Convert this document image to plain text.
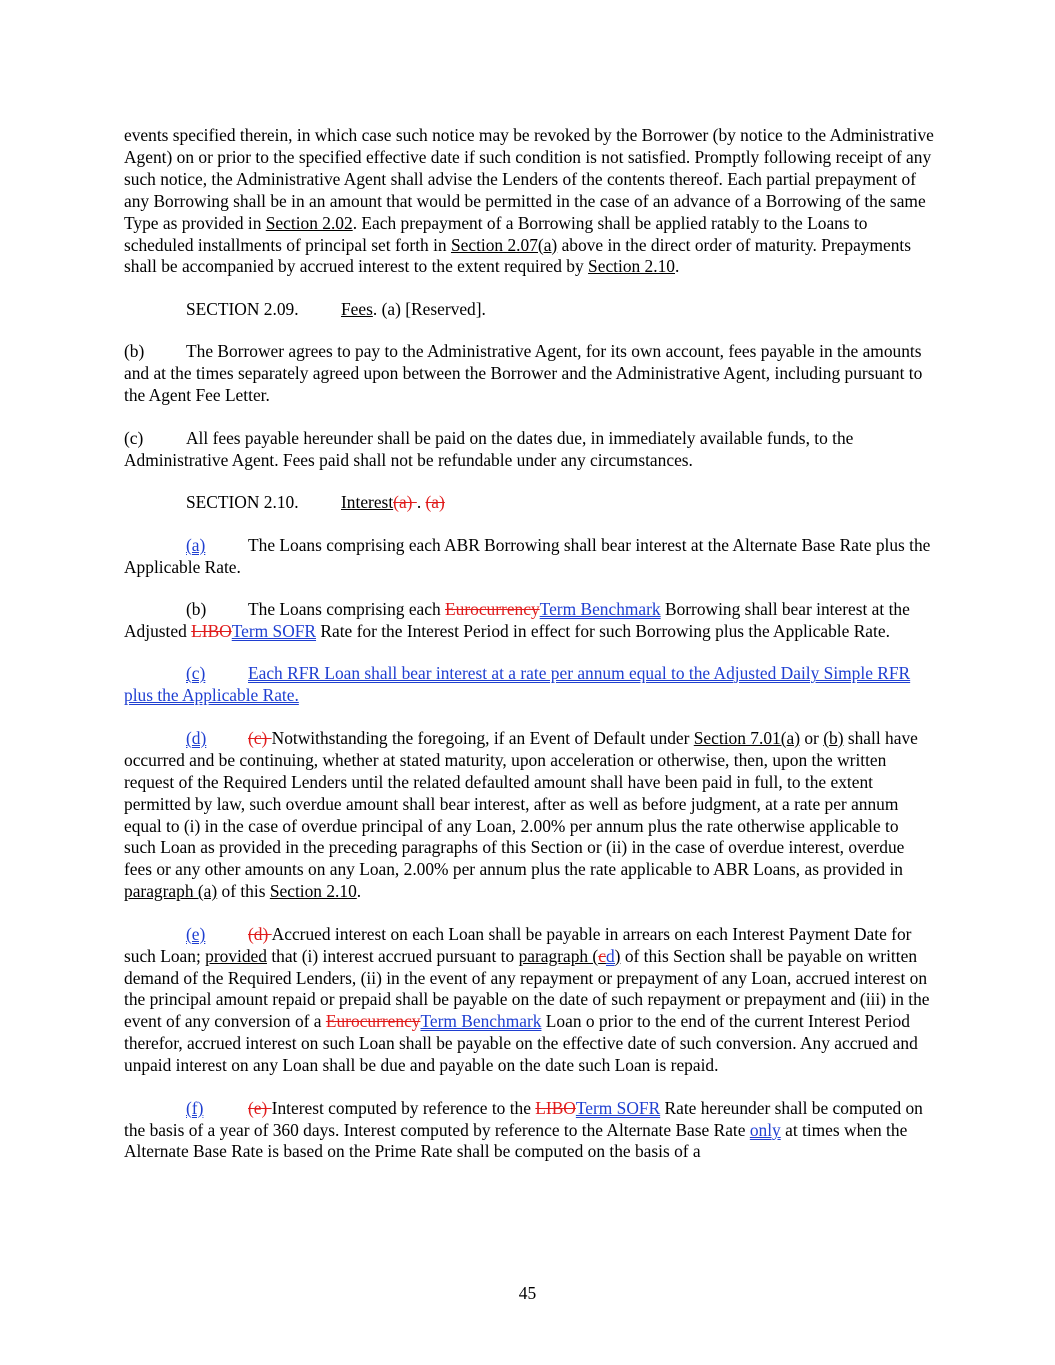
events specified therein, in which case such notice may be revoked by the Borrower (by notice to the Administrative Agent) on or prior to the specified effective date if such condition is not satisfied. Promptly following receipt of any such notice, the Administrative Agent shall advise the Lenders of the contents thereof. Each partial prepayment of any Borrowing shall be in an amount that would be permitted in the case of an advance of a Borrowing of the same Type as provided in Section 2.02. Each prepayment of a Borrowing shall be applied ratably to the Loans to scheduled installments of principal set forth in Section 2.07(a) above in the direct order of maturity. Prepayments shall be accompanied by accrued interest to the extent required by Section 2.10.

SECTION 2.09. Fees. (a) [Reserved].

(b) The Borrower agrees to pay to the Administrative Agent, for its own account, fees payable in the amounts and at the times separately agreed upon between the Borrower and the Administrative Agent, including pursuant to the Agent Fee Letter.

(c) All fees payable hereunder shall be paid on the dates due, in immediately available funds, to the Administrative Agent. Fees paid shall not be refundable under any circumstances.

SECTION 2.10. Interest(a) . (a)

(a) The Loans comprising each ABR Borrowing shall bear interest at the Alternate Base Rate plus the Applicable Rate.

(b) The Loans comprising each EurocurrencyTerm Benchmark Borrowing shall bear interest at the Adjusted LIBOTerm SOFR Rate for the Interest Period in effect for such Borrowing plus the Applicable Rate.

(c) Each RFR Loan shall bear interest at a rate per annum equal to the Adjusted Daily Simple RFR plus the Applicable Rate.

(d) (c) Notwithstanding the foregoing, if an Event of Default under Section 7.01(a) or (b) shall have occurred and be continuing, whether at stated maturity, upon acceleration or otherwise, then, upon the written request of the Required Lenders until the related defaulted amount shall have been paid in full, to the extent permitted by law, such overdue amount shall bear interest, after as well as before judgment, at a rate per annum equal to (i) in the case of overdue principal of any Loan, 2.00% per annum plus the rate otherwise applicable to such Loan as provided in the preceding paragraphs of this Section or (ii) in the case of overdue interest, overdue fees or any other amounts on any Loan, 2.00% per annum plus the rate applicable to ABR Loans, as provided in paragraph (a) of this Section 2.10.

(e) (d) Accrued interest on each Loan shall be payable in arrears on each Interest Payment Date for such Loan; provided that (i) interest accrued pursuant to paragraph (cd) of this Section shall be payable on written demand of the Required Lenders, (ii) in the event of any repayment or prepayment of any Loan, accrued interest on the principal amount repaid or prepaid shall be payable on the date of such repayment or prepayment and (iii) in the event of any conversion of a EurocurrencyTerm Benchmark Loan o prior to the end of the current Interest Period therefor, accrued interest on such Loan shall be payable on the effective date of such conversion. Any accrued and unpaid interest on any Loan shall be due and payable on the date such Loan is repaid.

(f)	(e) Interest computed by reference to the LIBOTerm SOFR Rate hereunder shall be computed on the basis of a year of 360 days. Interest computed by reference to the Alternate Base Rate only at times when the Alternate Base Rate is based on the Prime Rate shall be computed on the basis of a

45
